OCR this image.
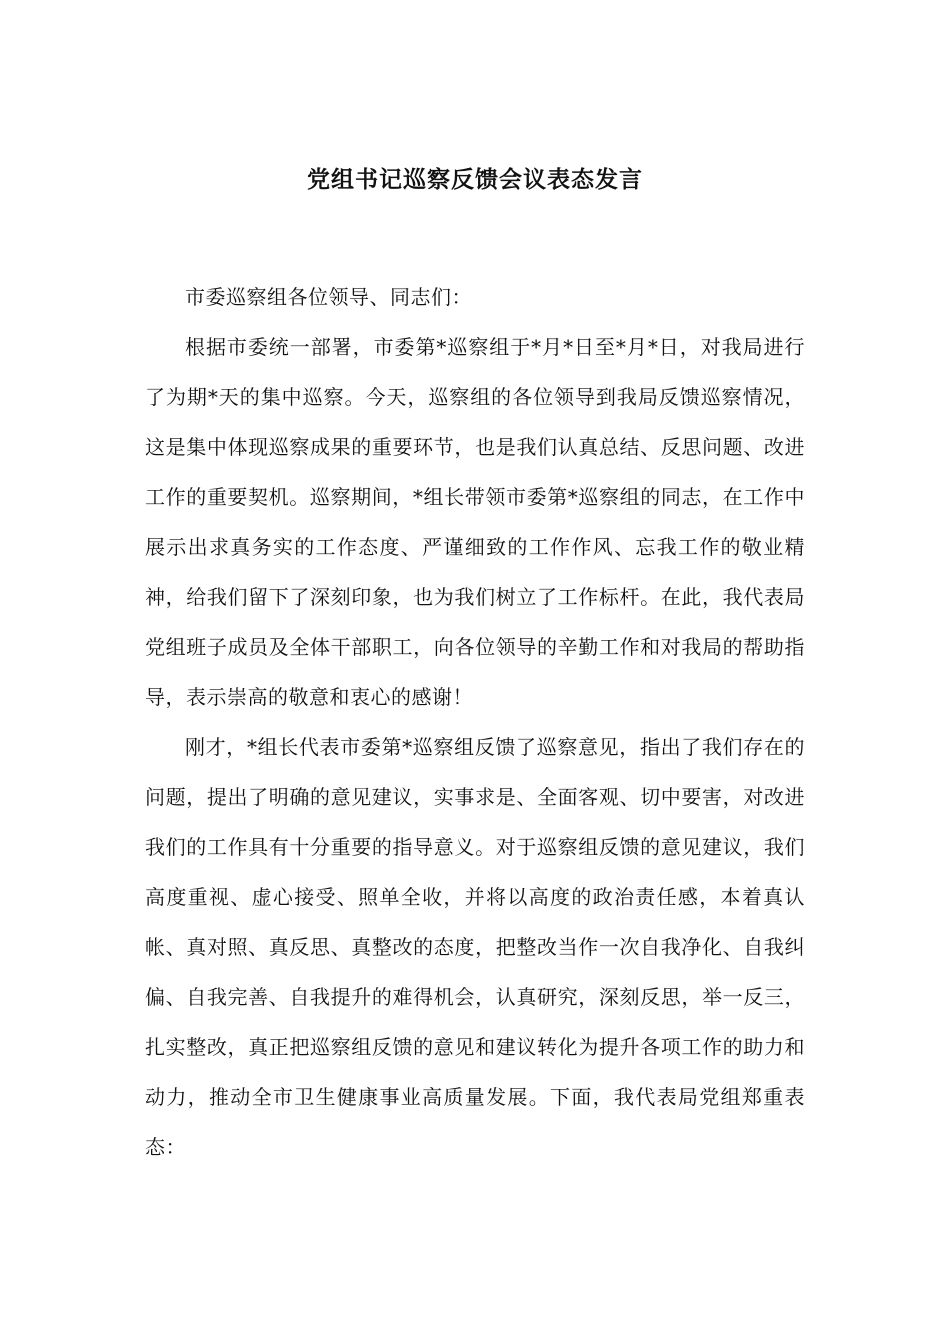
党组书记巡察反馈会议表态发言

市委巡察组各位领导、同志们：

根据市委统一部署，市委第*巡察组于*月*日至*月*日，对我局进行了为期*天的集中巡察。今天，巡察组的各位领导到我局反馈巡察情况，这是集中体现巡察成果的重要环节，也是我们认真总结、反思问题、改进工作的重要契机。巡察期间，*组长带领市委第*巡察组的同志，在工作中展示出求真务实的工作态度、严谨细致的工作作风、忘我工作的敬业精神，给我们留下了深刻印象，也为我们树立了工作标杆。在此，我代表局党组班子成员及全体干部职工，向各位领导的辛勤工作和对我局的帮助指导，表示崇高的敬意和衷心的感谢！

刚才，*组长代表市委第*巡察组反馈了巡察意见，指出了我们存在的问题，提出了明确的意见建议，实事求是、全面客观、切中要害，对改进我们的工作具有十分重要的指导意义。对于巡察组反馈的意见建议，我们高度重视、虚心接受、照单全收，并将以高度的政治责任感，本着真认帐、真对照、真反思、真整改的态度，把整改当作一次自我净化、自我纠偏、自我完善、自我提升的难得机会，认真研究，深刻反思，举一反三，扎实整改，真正把巡察组反馈的意见和建议转化为提升各项工作的助力和动力，推动全市卫生健康事业高质量发展。下面，我代表局党组郑重表态：
